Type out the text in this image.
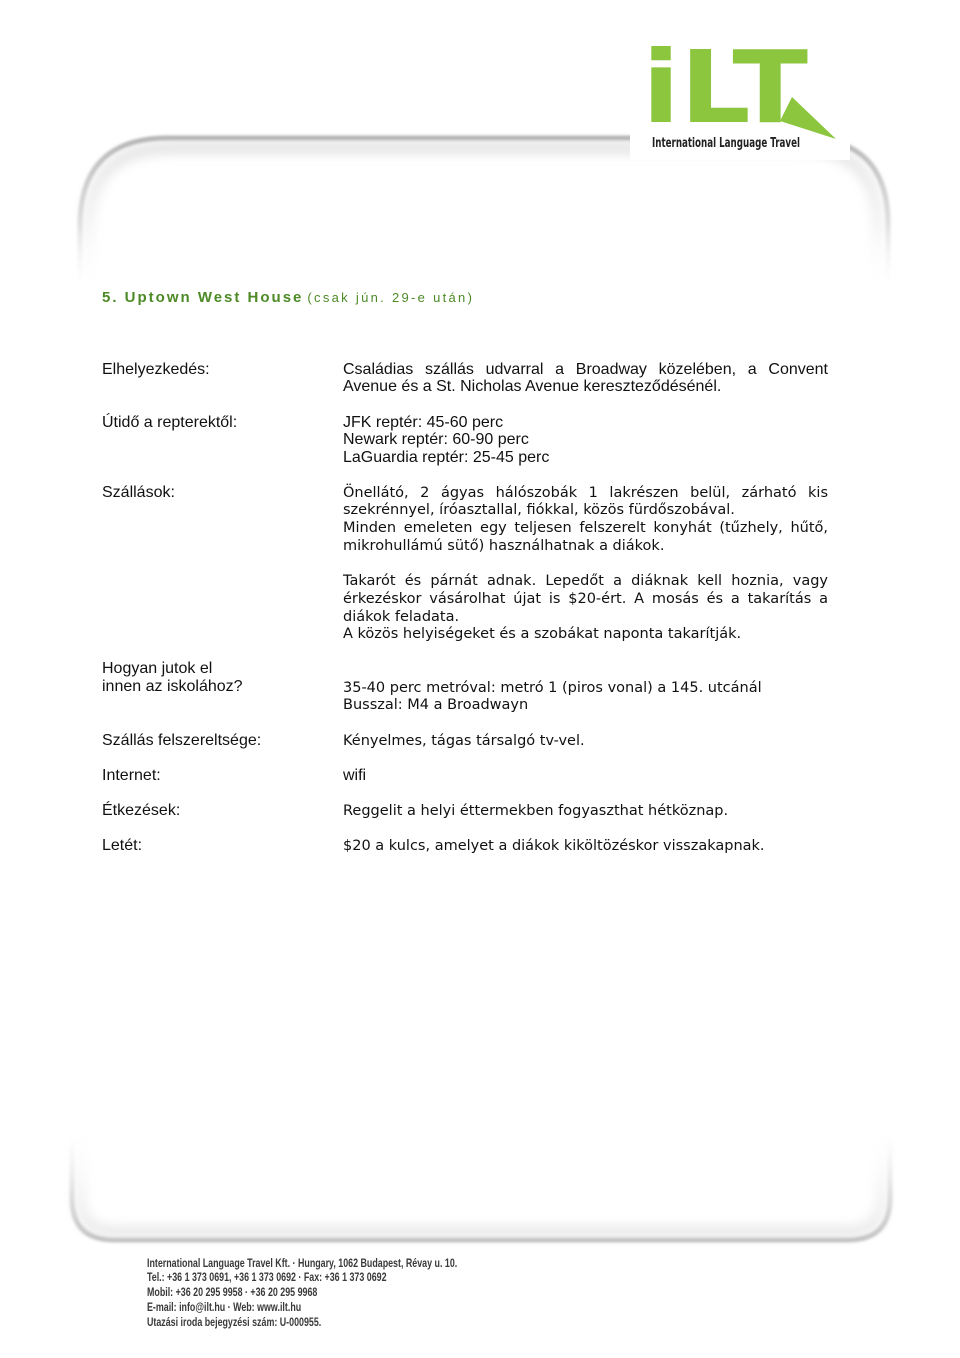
iLT
International Language Travel
5. Uptown West House (csak jún. 29-e után)
Elhelyezkedés:	Családias szállás udvarral a Broadway közelében, a Convent
Avenue és a St. Nicholas Avenue kereszteződésénél.
Útidő a repterektől:	JFK reptér: 45-60 perc
Newark reptér: 60-90 perc
LaGuardia reptér: 25-45 perc
Szállások:	Önellátó, 2 ágyas hálószobák 1 lakrészen belül, zárható kis
szekrénnyel, íróasztallal, fiókkal, közös fürdőszobával.
Minden emeleten egy teljesen felszerelt konyhát (tűzhely, hűtő,
mikrohullámú sütő) használhatnak a diákok.
Takarót és párnát adnak. Lepedőt a diáknak kell hoznia, vagy
érkezéskor vásárolhat újat is $20-ért. A mosás és a takarítás a
diákok feladata.
A közös helyiségeket és a szobákat naponta takarítják.
Hogyan jutok el
innen az iskolához?	35-40 perc metróval: metró 1 (piros vonal) a 145. utcánál
Busszal: M4 a Broadwayn
Szállás felszereltsége:	Kényelmes, tágas társalgó tv-vel.
Internet:	wifi
Étkezések:	Reggelit a helyi éttermekben fogyaszthat hétköznap.
Letét:	$20 a kulcs, amelyet a diákok kiköltözéskor visszakapnak.
International Language Travel Kft. · Hungary, 1062 Budapest, Révay u. 10.
Tel.: +36 1 373 0691, +36 1 373 0692 · Fax: +36 1 373 0692
Mobil: +36 20 295 9958 · +36 20 295 9968
E-mail: info@ilt.hu · Web: www.ilt.hu
Utazási iroda bejegyzési szám: U-000955.
